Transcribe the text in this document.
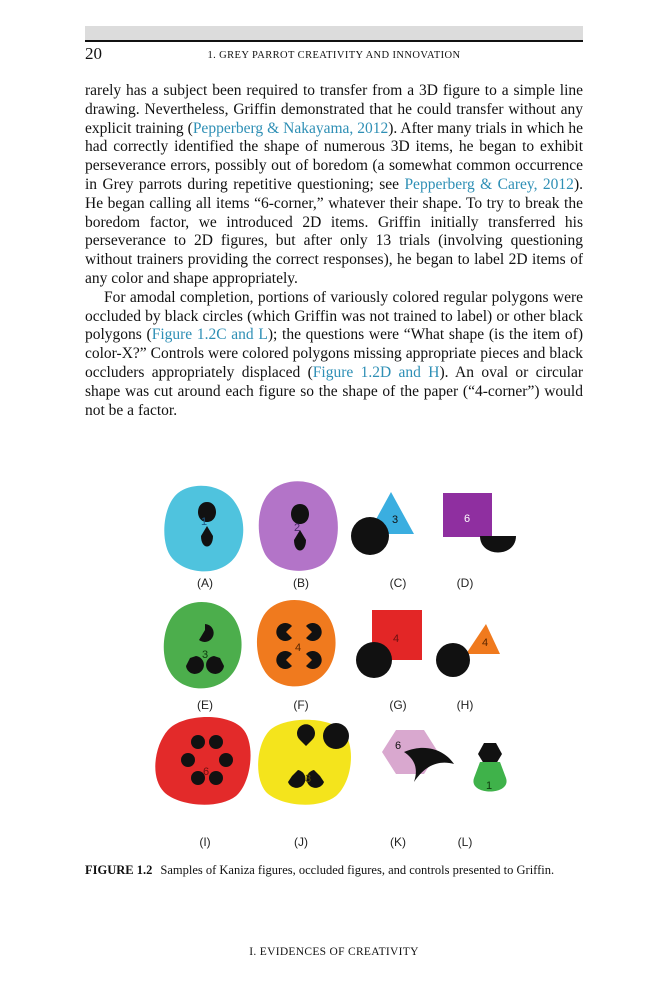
20	1. GREY PARROT CREATIVITY AND INNOVATION

rarely has a subject been required to transfer from a 3D figure to a simple line drawing. Nevertheless, Griffin demonstrated that he could transfer without any explicit training (Pepperberg & Nakayama, 2012). After many trials in which he had correctly identified the shape of numerous 3D items, he began to exhibit perseverance errors, possibly out of boredom (a somewhat common occurrence in Grey parrots during repetitive questioning; see Pepperberg & Carey, 2012). He began calling all items “6-corner,” whatever their shape. To try to break the boredom factor, we introduced 2D items. Griffin initially transferred his perseverance to 2D figures, but after only 13 trials (involving questioning without trainers providing the correct responses), he began to label 2D items of any color and shape appropriately.

For amodal completion, portions of variously colored regular polygons were occluded by black circles (which Griffin was not trained to label) or other black polygons (Figure 1.2C and L); the questions were “What shape (is the item of) color-X?” Controls were colored polygons missing appropriate pieces and black occluders appropriately displaced (Figure 1.2D and H). An oval or circular shape was cut around each figure so the shape of the paper (“4-corner”) would not be a factor.

1	2
3	6
3
4
4	4
6
3
6
1
(A)	(B)	(C)	(D)
(E)	(F)	(G)	(H)
(I)	(J)	(K)	(L)

FIGURE 1.2 Samples of Kaniza figures, occluded figures, and controls presented to Griffin.

I. EVIDENCES OF CREATIVITY
